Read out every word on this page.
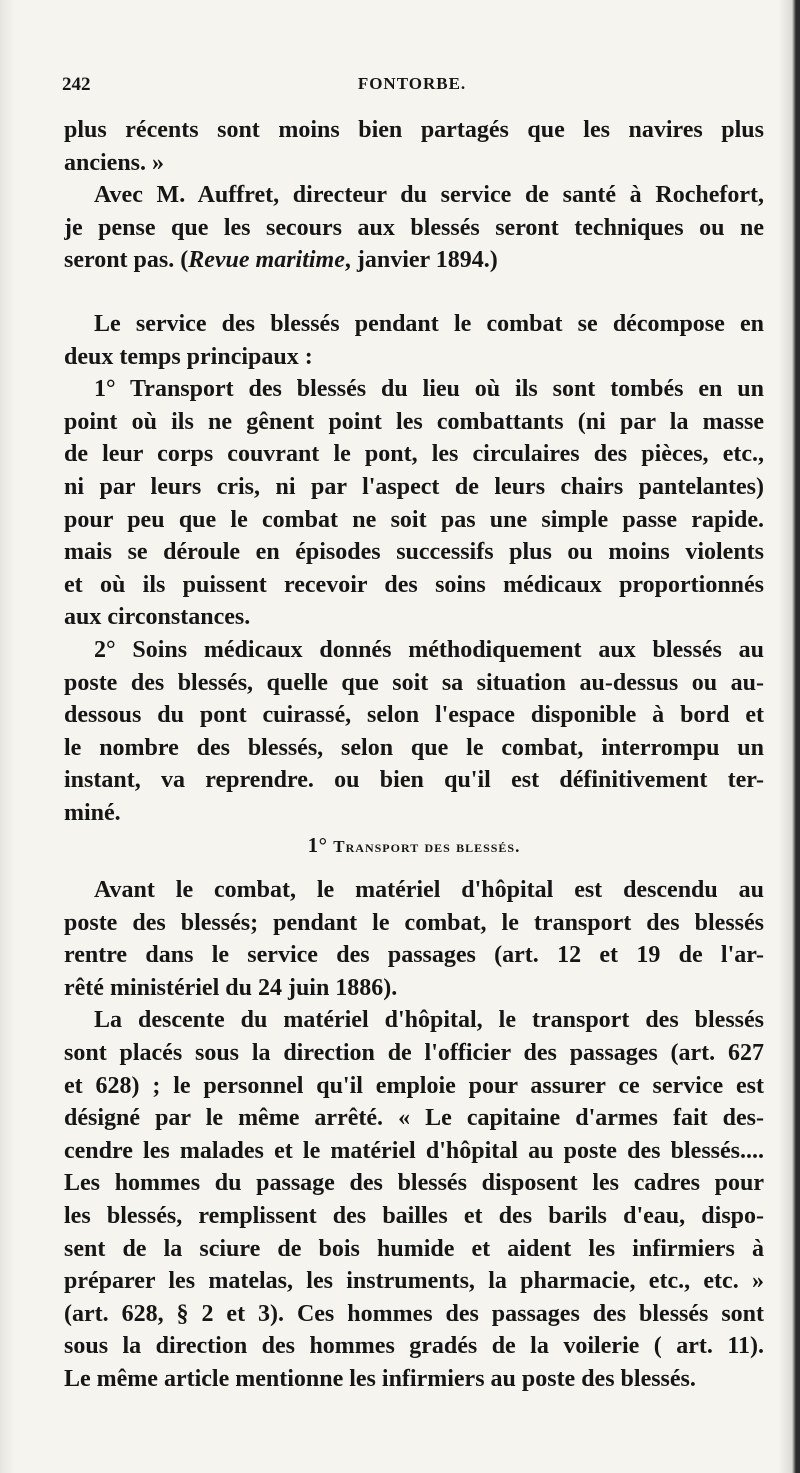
242	FONTORBE.
plus récents sont moins bien partagés que les navires plus
anciens. »
Avec M. Auffret, directeur du service de santé à Rochefort,
je pense que les secours aux blessés seront techniques ou ne
seront pas. (Revue maritime, janvier 1894.)
Le service des blessés pendant le combat se décompose en
deux temps principaux :
1° Transport des blessés du lieu où ils sont tombés en un
point où ils ne gênent point les combattants (ni par la masse
de leur corps couvrant le pont, les circulaires des pièces, etc.,
ni par leurs cris, ni par l'aspect de leurs chairs pantelantes)
pour peu que le combat ne soit pas une simple passe rapide.
mais se déroule en épisodes successifs plus ou moins violents
et où ils puissent recevoir des soins médicaux proportionnés
aux circonstances.
2° Soins médicaux donnés méthodiquement aux blessés au
poste des blessés, quelle que soit sa situation au-dessus ou au-
dessous du pont cuirassé, selon l'espace disponible à bord et
le nombre des blessés, selon que le combat, interrompu un
instant, va reprendre. ou bien qu'il est définitivement ter-
miné.
1° Transport des blessés.
Avant le combat, le matériel d'hôpital est descendu au
poste des blessés; pendant le combat, le transport des blessés
rentre dans le service des passages (art. 12 et 19 de l'ar-
rêté ministériel du 24 juin 1886).
La descente du matériel d'hôpital, le transport des blessés
sont placés sous la direction de l'officier des passages (art. 627
et 628) ; le personnel qu'il emploie pour assurer ce service est
désigné par le même arrêté. « Le capitaine d'armes fait des-
cendre les malades et le matériel d'hôpital au poste des blessés....
Les hommes du passage des blessés disposent les cadres pour
les blessés, remplissent des bailles et des barils d'eau, dispo-
sent de la sciure de bois humide et aident les infirmiers à
préparer les matelas, les instruments, la pharmacie, etc., etc. »
(art. 628, § 2 et 3). Ces hommes des passages des blessés sont
sous la direction des hommes gradés de la voilerie ( art. 11).
Le même article mentionne les infirmiers au poste des blessés.
